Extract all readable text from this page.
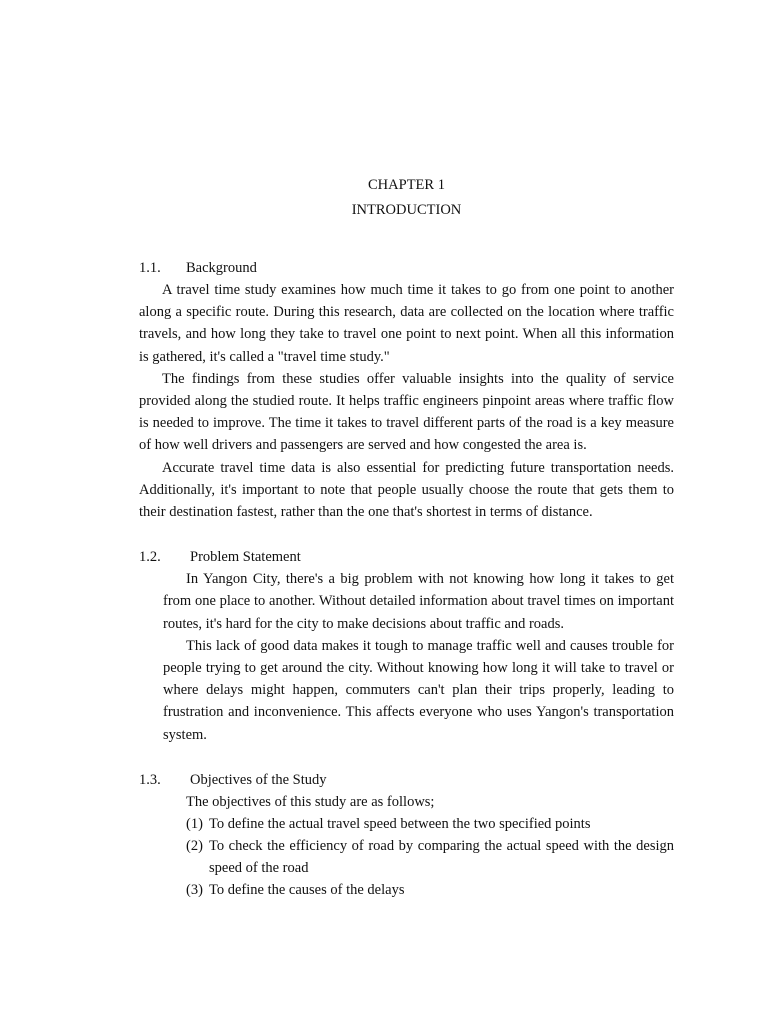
CHAPTER 1

INTRODUCTION

1.1.	Background

A travel time study examines how much time it takes to go from one point to another along a specific route. During this research, data are collected on the location where traffic travels, and how long they take to travel one point to next point. When all this information is gathered, it's called a "travel time study."

The findings from these studies offer valuable insights into the quality of service provided along the studied route. It helps traffic engineers pinpoint areas where traffic flow is needed to improve. The time it takes to travel different parts of the road is a key measure of how well drivers and passengers are served and how congested the area is.

Accurate travel time data is also essential for predicting future transportation needs. Additionally, it's important to note that people usually choose the route that gets them to their destination fastest, rather than the one that's shortest in terms of distance.

1.2.	Problem Statement

In Yangon City, there's a big problem with not knowing how long it takes to get from one place to another. Without detailed information about travel times on important routes, it's hard for the city to make decisions about traffic and roads.

This lack of good data makes it tough to manage traffic well and causes trouble for people trying to get around the city. Without knowing how long it will take to travel or where delays might happen, commuters can't plan their trips properly, leading to frustration and inconvenience. This affects everyone who uses Yangon's transportation system.

1.3.	Objectives of the Study

The objectives of this study are as follows;

(1) To define the actual travel speed between the two specified points
(2) To check the efficiency of road by comparing the actual speed with the design speed of the road
(3) To define the causes of the delays
